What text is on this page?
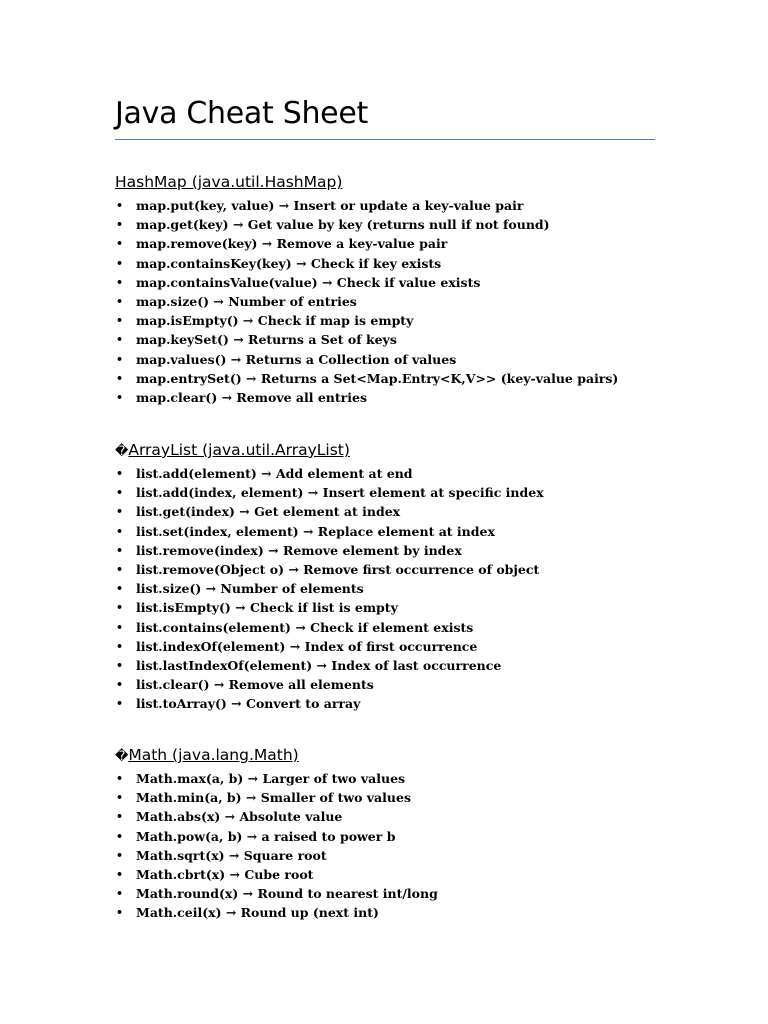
Java Cheat Sheet
HashMap (java.util.HashMap)
• map.put(key, value) → Insert or update a key-value pair
• map.get(key) → Get value by key (returns null if not found)
• map.remove(key) → Remove a key-value pair
• map.containsKey(key) → Check if key exists
• map.containsValue(value) → Check if value exists
• map.size() → Number of entries
• map.isEmpty() → Check if map is empty
• map.keySet() → Returns a Set of keys
• map.values() → Returns a Collection of values
• map.entrySet() → Returns a Set<Map.Entry<K,V>> (key-value pairs)
• map.clear() → Remove all entries
�ArrayList (java.util.ArrayList)
• list.add(element) → Add element at end
• list.add(index, element) → Insert element at specific index
• list.get(index) → Get element at index
• list.set(index, element) → Replace element at index
• list.remove(index) → Remove element by index
• list.remove(Object o) → Remove first occurrence of object
• list.size() → Number of elements
• list.isEmpty() → Check if list is empty
• list.contains(element) → Check if element exists
• list.indexOf(element) → Index of first occurrence
• list.lastIndexOf(element) → Index of last occurrence
• list.clear() → Remove all elements
• list.toArray() → Convert to array
�Math (java.lang.Math)
• Math.max(a, b) → Larger of two values
• Math.min(a, b) → Smaller of two values
• Math.abs(x) → Absolute value
• Math.pow(a, b) → a raised to power b
• Math.sqrt(x) → Square root
• Math.cbrt(x) → Cube root
• Math.round(x) → Round to nearest int/long
• Math.ceil(x) → Round up (next int)
